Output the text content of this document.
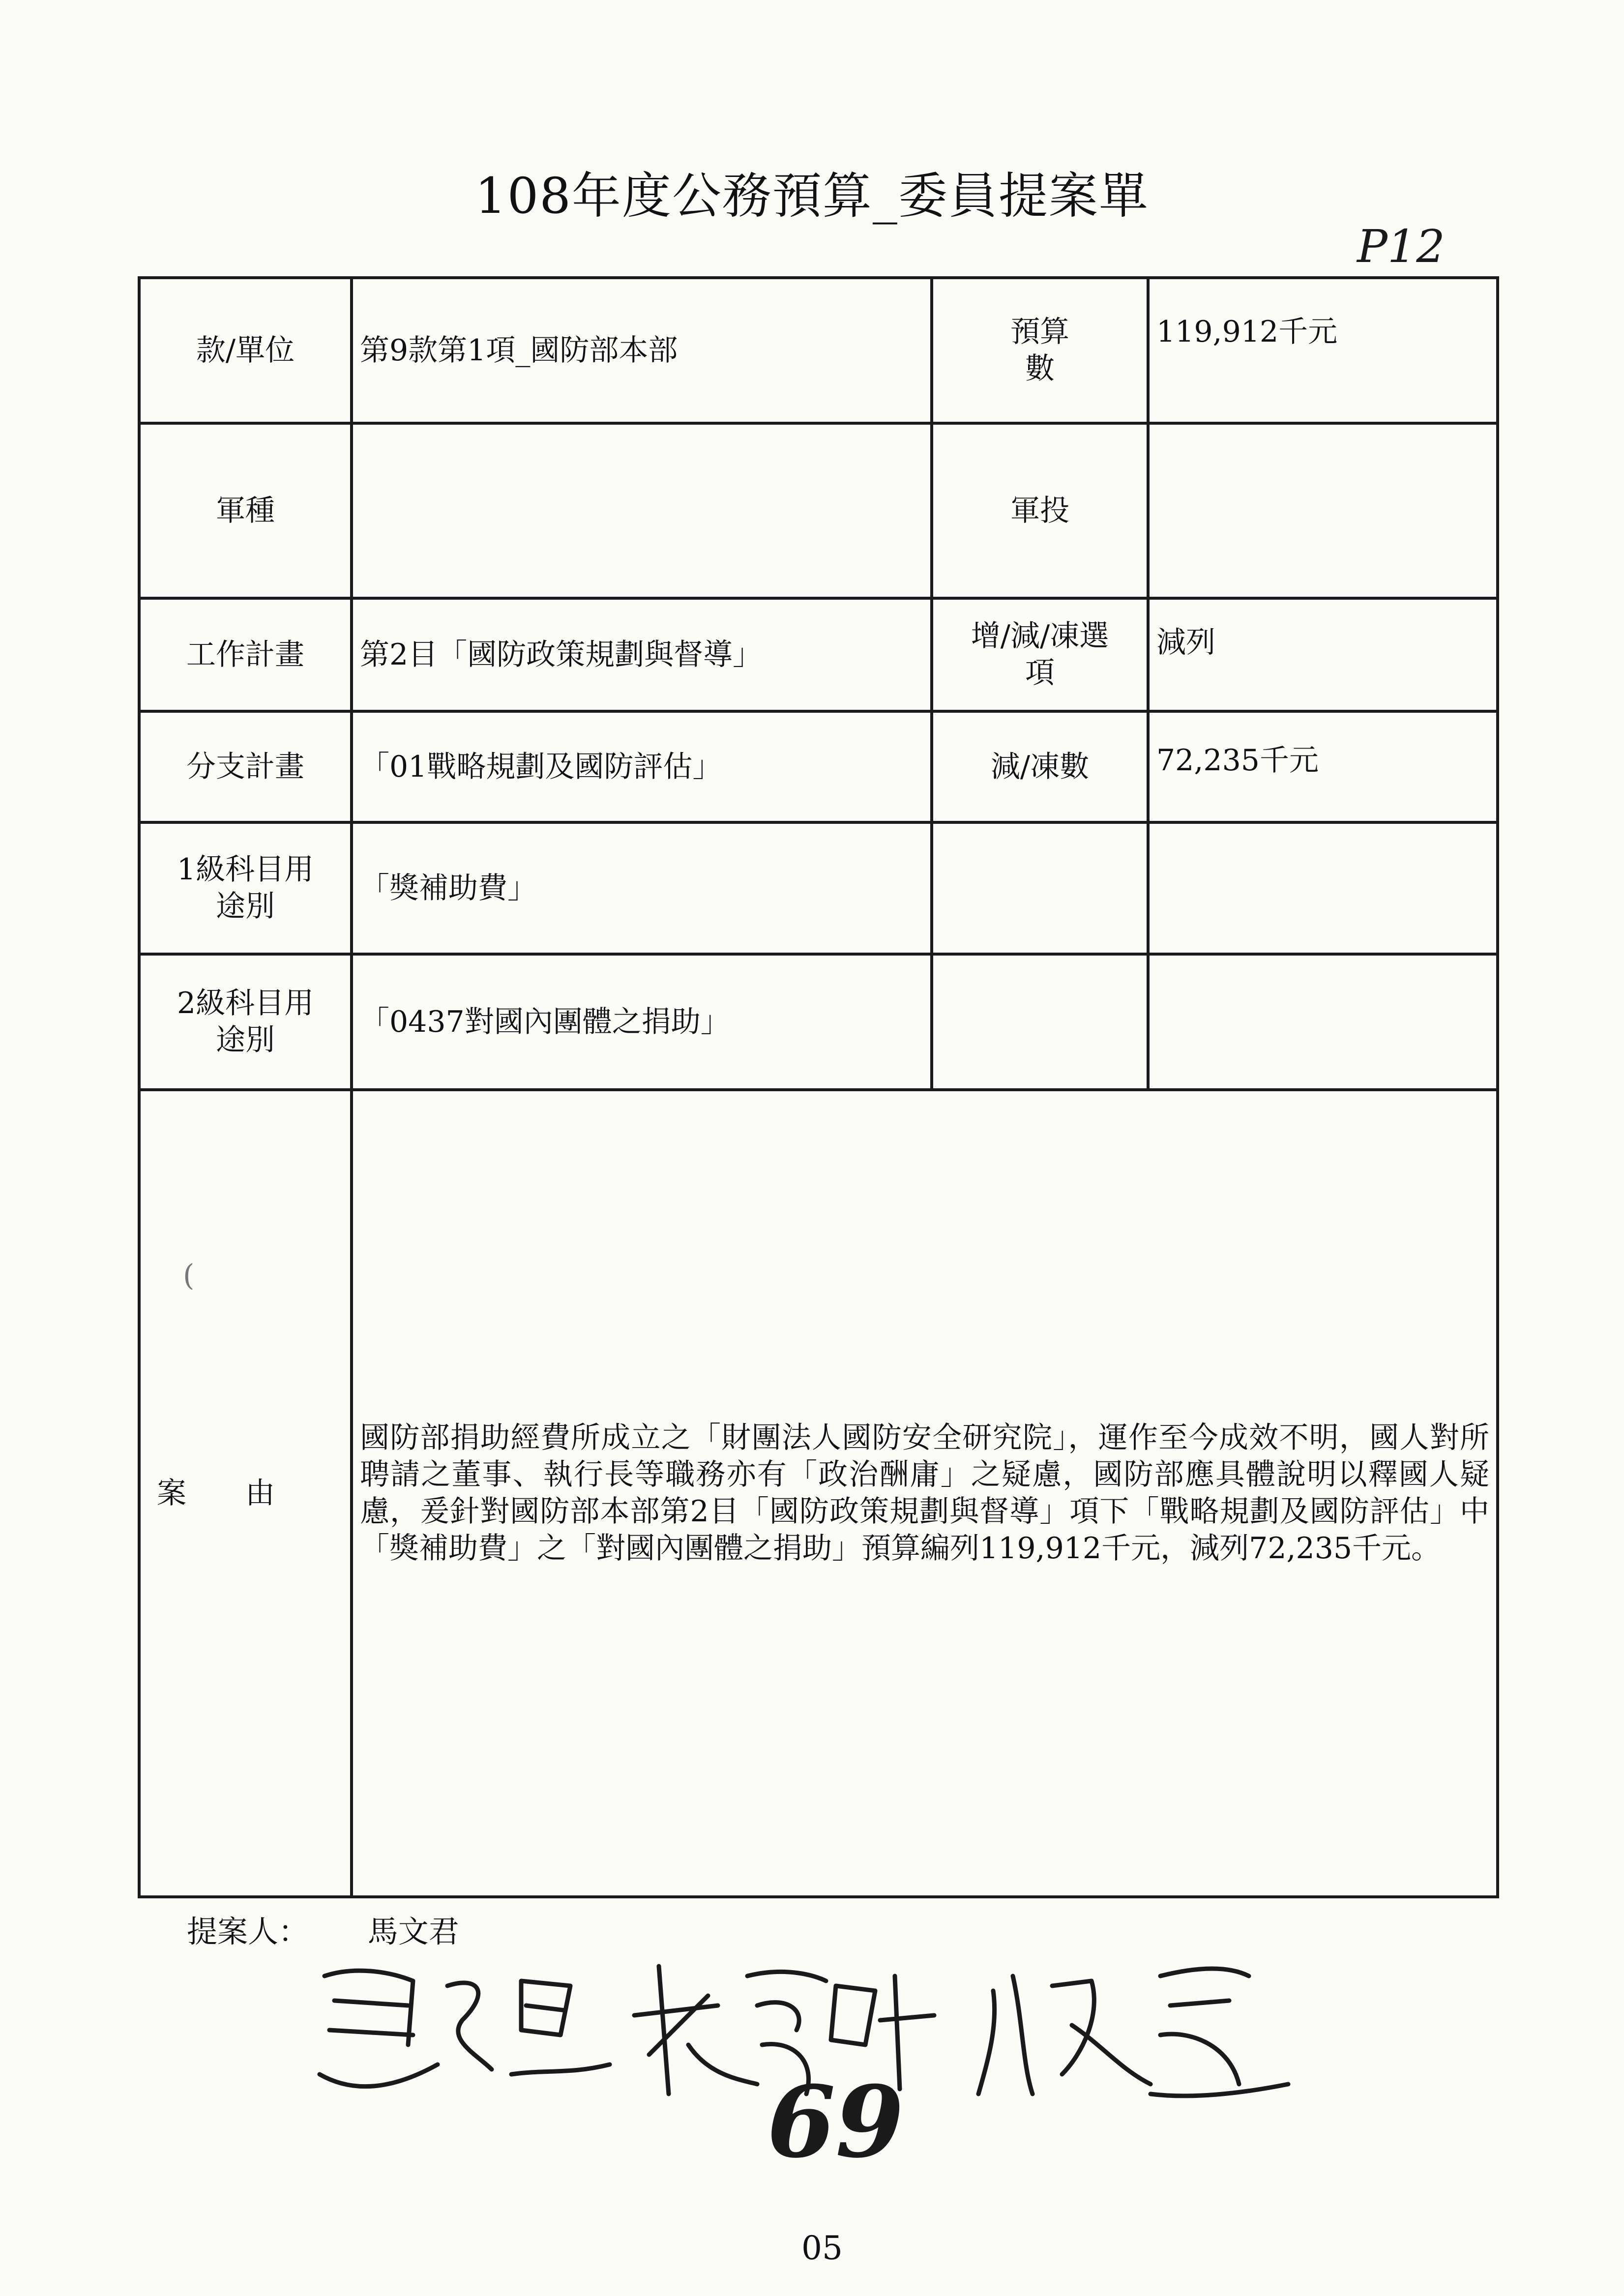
108年度公務預算_委員提案單
P12
款/單位	第9款第1項_國防部本部	預算數	119,912千元
軍種		軍投	
工作計畫	第2目「國防政策規劃與督導」	增/減/凍選項	減列
分支計畫	「01戰略規劃及國防評估」	減/凍數	72,235千元
1級科目用途別	「獎補助費」		
2級科目用途別	「0437對國內團體之捐助」		
案由	國防部捐助經費所成立之「財團法人國防安全研究院」，運作至今成效不明，國人對所聘請之董事、執行長等職務亦有「政治酬庸」之疑慮，國防部應具體說明以釋國人疑慮，爰針對國防部本部第2目「國防政策規劃與督導」項下「戰略規劃及國防評估」中「獎補助費」之「對國內團體之捐助」預算編列119,912千元，減列72,235千元。		
(
提案人： 馬文君
69
05
